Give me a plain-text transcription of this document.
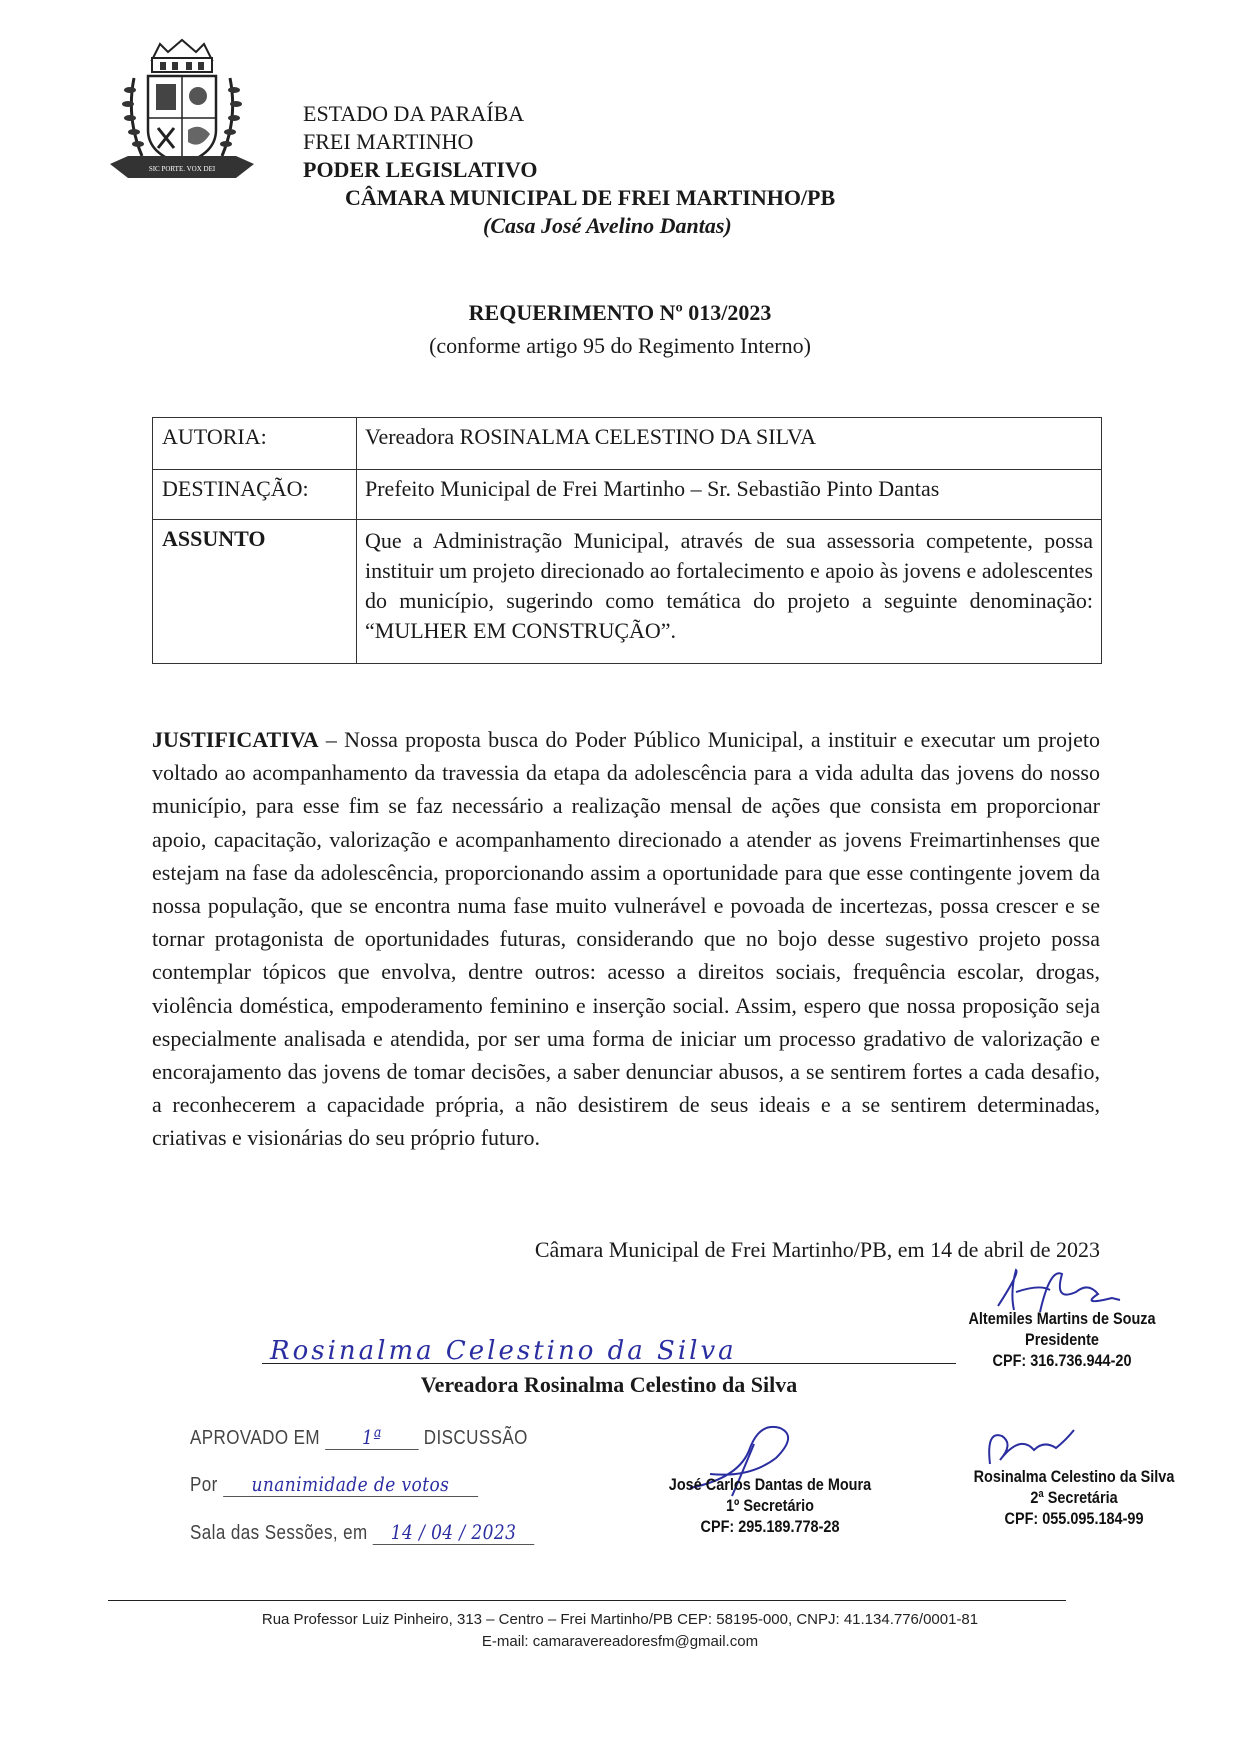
SIC PORTE. VOX DEI
ESTADO DA PARAÍBA
FREI MARTINHO
PODER LEGISLATIVO
CÂMARA MUNICIPAL DE FREI MARTINHO/PB
(Casa José Avelino Dantas)
REQUERIMENTO Nº 013/2023
(conforme artigo 95 do Regimento Interno)
AUTORIA:	Vereadora ROSINALMA CELESTINO DA SILVA
DESTINAÇÃO:	Prefeito Municipal de Frei Martinho – Sr. Sebastião Pinto Dantas
ASSUNTO	Que a Administração Municipal, através de sua assessoria competente, possa instituir um projeto direcionado ao fortalecimento e apoio às jovens e adolescentes do município, sugerindo como temática do projeto a seguinte denominação: “MULHER EM CONSTRUÇÃO”.
JUSTIFICATIVA – Nossa proposta busca do Poder Público Municipal, a instituir e executar um projeto voltado ao acompanhamento da travessia da etapa da adolescência para a vida adulta das jovens do nosso município, para esse fim se faz necessário a realização mensal de ações que consista em proporcionar apoio, capacitação, valorização e acompanhamento direcionado a atender as jovens Freimartinhenses que estejam na fase da adolescência, proporcionando assim a oportunidade para que esse contingente jovem da nossa população, que se encontra numa fase muito vulnerável e povoada de incertezas, possa crescer e se tornar protagonista de oportunidades futuras, considerando que no bojo desse sugestivo projeto possa contemplar tópicos que envolva, dentre outros: acesso a direitos sociais, frequência escolar, drogas, violência doméstica, empoderamento feminino e inserção social. Assim, espero que nossa proposição seja especialmente analisada e atendida, por ser uma forma de iniciar um processo gradativo de valorização e encorajamento das jovens de tomar decisões, a saber denunciar abusos, a se sentirem fortes a cada desafio, a reconhecerem a capacidade própria, a não desistirem de seus ideais e a se sentirem determinadas, criativas e visionárias do seu próprio futuro.
Câmara Municipal de Frei Martinho/PB, em 14 de abril de 2023
Altemiles Martins de Souza
Presidente
CPF: 316.736.944-20
Rosinalma Celestino da Silva
Vereadora Rosinalma Celestino da Silva
APROVADO EM 1ª DISCUSSÃO
Por unanimidade de votos
Sala das Sessões, em 14 / 04 / 2023
José Carlos Dantas de Moura
1º Secretário
CPF: 295.189.778-28
Rosinalma Celestino da Silva
2ª Secretária
CPF: 055.095.184-99
Rua Professor Luiz Pinheiro, 313 – Centro – Frei Martinho/PB CEP: 58195-000, CNPJ: 41.134.776/0001-81
E-mail: camaravereadoresfm@gmail.com
